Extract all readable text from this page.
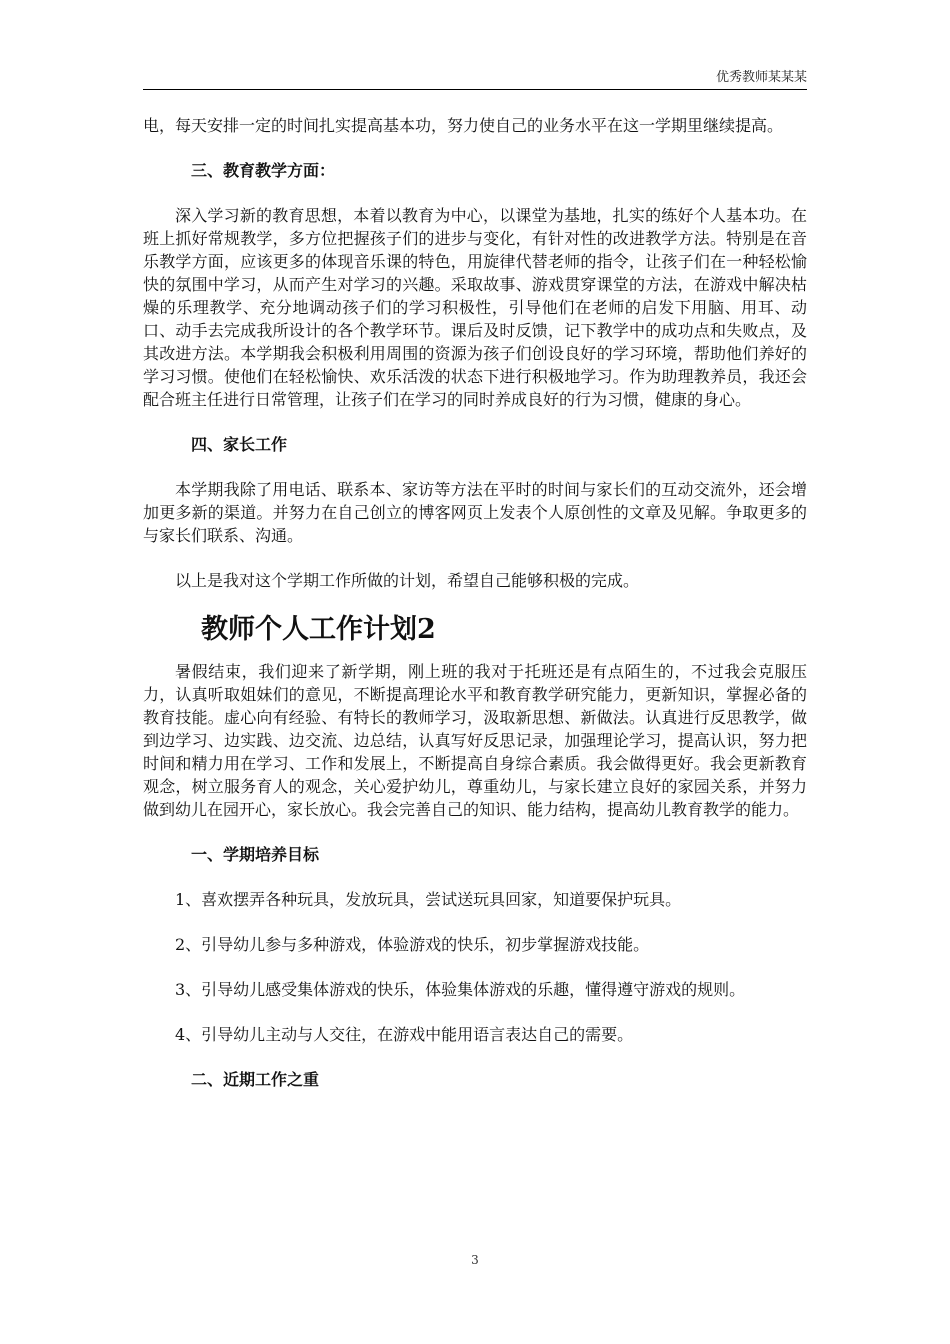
优秀教师某某某

电，每天安排一定的时间扎实提高基本功，努力使自己的业务水平在这一学期里继续提高。

三、教育教学方面：

深入学习新的教育思想，本着以教育为中心，以课堂为基地，扎实的练好个人基本功。在班上抓好常规教学，多方位把握孩子们的进步与变化，有针对性的改进教学方法。特别是在音乐教学方面，应该更多的体现音乐课的特色，用旋律代替老师的指令，让孩子们在一种轻松愉快的氛围中学习，从而产生对学习的兴趣。采取故事、游戏贯穿课堂的方法，在游戏中解决枯燥的乐理教学、充分地调动孩子们的学习积极性，引导他们在老师的启发下用脑、用耳、动口、动手去完成我所设计的各个教学环节。课后及时反馈，记下教学中的成功点和失败点，及其改进方法。本学期我会积极利用周围的资源为孩子们创设良好的学习环境，帮助他们养好的学习习惯。使他们在轻松愉快、欢乐活泼的状态下进行积极地学习。作为助理教养员，我还会配合班主任进行日常管理，让孩子们在学习的同时养成良好的行为习惯，健康的身心。

四、家长工作

本学期我除了用电话、联系本、家访等方法在平时的时间与家长们的互动交流外，还会增加更多新的渠道。并努力在自己创立的博客网页上发表个人原创性的文章及见解。争取更多的与家长们联系、沟通。

以上是我对这个学期工作所做的计划，希望自己能够积极的完成。

教师个人工作计划2

暑假结束，我们迎来了新学期，刚上班的我对于托班还是有点陌生的，不过我会克服压力，认真听取姐妹们的意见，不断提高理论水平和教育教学研究能力，更新知识，掌握必备的教育技能。虚心向有经验、有特长的教师学习，汲取新思想、新做法。认真进行反思教学，做到边学习、边实践、边交流、边总结，认真写好反思记录，加强理论学习，提高认识，努力把时间和精力用在学习、工作和发展上，不断提高自身综合素质。我会做得更好。我会更新教育观念，树立服务育人的观念，关心爱护幼儿，尊重幼儿，与家长建立良好的家园关系，并努力做到幼儿在园开心，家长放心。我会完善自己的知识、能力结构，提高幼儿教育教学的能力。

一、学期培养目标

1、喜欢摆弄各种玩具，发放玩具，尝试送玩具回家，知道要保护玩具。

2、引导幼儿参与多种游戏，体验游戏的快乐，初步掌握游戏技能。

3、引导幼儿感受集体游戏的快乐，体验集体游戏的乐趣，懂得遵守游戏的规则。

4、引导幼儿主动与人交往，在游戏中能用语言表达自己的需要。

二、近期工作之重

3
